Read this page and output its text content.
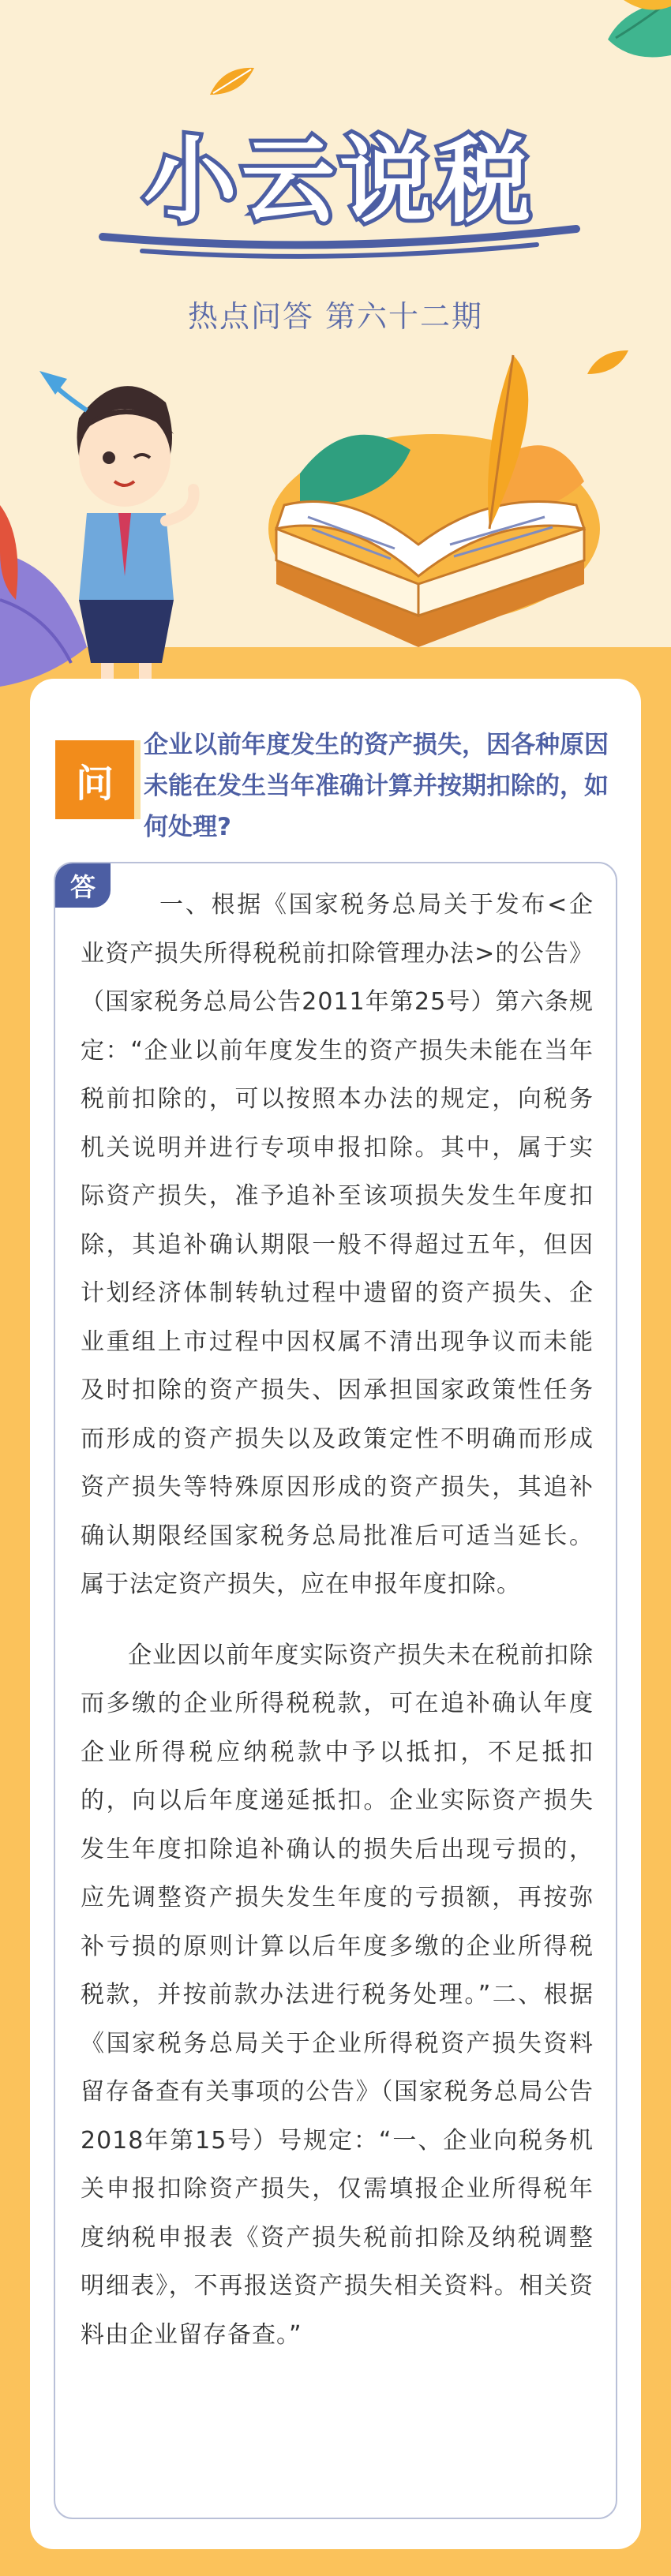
小云说税
热点问答 第六十二期
问
企业以前年度发生的资产损失，因各种原因未能在发生当年准确计算并按期扣除的，如何处理?
答

一、根据《国家税务总局关于发布<企业资产损失所得税税前扣除管理办法>的公告》（国家税务总局公告2011年第25号）第六条规定：“企业以前年度发生的资产损失未能在当年税前扣除的，可以按照本办法的规定，向税务机关说明并进行专项申报扣除。其中，属于实际资产损失，准予追补至该项损失发生年度扣除，其追补确认期限一般不得超过五年，但因计划经济体制转轨过程中遗留的资产损失、企业重组上市过程中因权属不清出现争议而未能及时扣除的资产损失、因承担国家政策性任务而形成的资产损失以及政策定性不明确而形成资产损失等特殊原因形成的资产损失，其追补确认期限经国家税务总局批准后可适当延长。属于法定资产损失，应在申报年度扣除。

企业因以前年度实际资产损失未在税前扣除而多缴的企业所得税税款，可在追补确认年度企业所得税应纳税款中予以抵扣，不足抵扣的，向以后年度递延抵扣。企业实际资产损失发生年度扣除追补确认的损失后出现亏损的，应先调整资产损失发生年度的亏损额，再按弥补亏损的原则计算以后年度多缴的企业所得税税款，并按前款办法进行税务处理。”二、根据《国家税务总局关于企业所得税资产损失资料留存备查有关事项的公告》（国家税务总局公告2018年第15号）号规定：“一、企业向税务机关申报扣除资产损失，仅需填报企业所得税年度纳税申报表《资产损失税前扣除及纳税调整明细表》，不再报送资产损失相关资料。相关资料由企业留存备查。”
